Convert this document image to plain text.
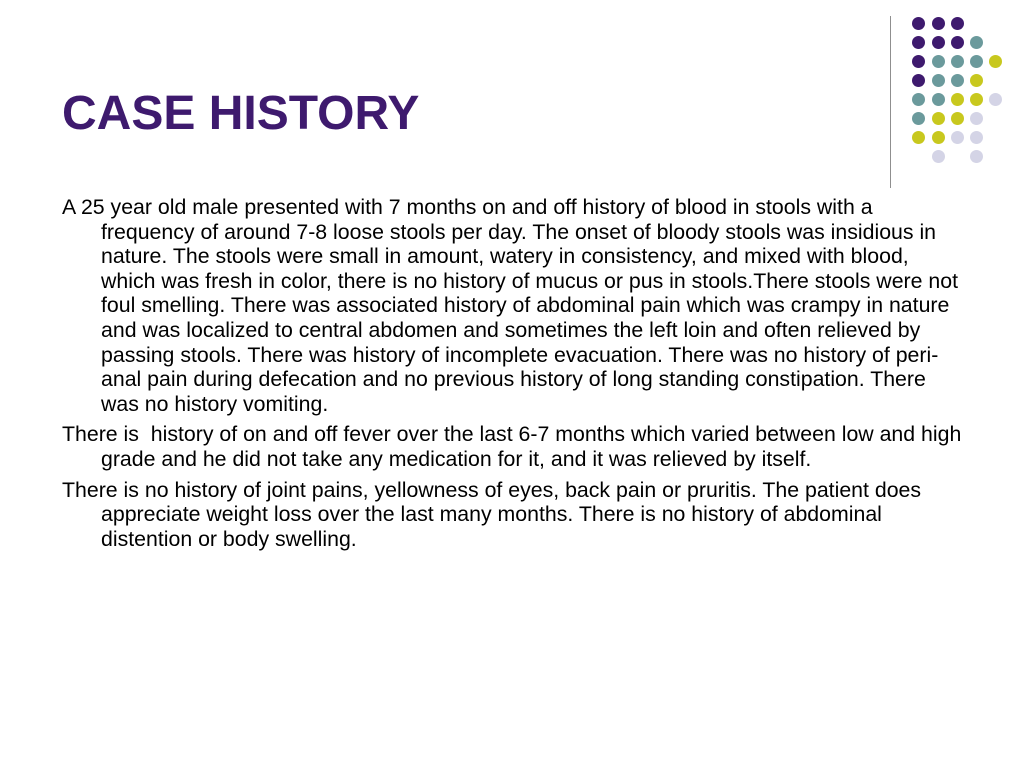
CASE HISTORY
A 25 year old male presented with 7 months on and off history of blood in stools with a frequency of around 7-8 loose stools per day. The onset of bloody stools was insidious in nature. The stools were small in amount, watery in consistency, and mixed with blood, which was fresh in color, there is no history of mucus or pus in stools.There stools were not foul smelling. There was associated history of abdominal pain which was crampy in nature and was localized to central abdomen and sometimes the left loin and often relieved by passing stools. There was history of incomplete evacuation. There was no history of peri-anal pain during defecation and no previous history of long standing constipation. There was no history vomiting.
There is  history of on and off fever over the last 6-7 months which varied between low and high grade and he did not take any medication for it, and it was relieved by itself.
There is no history of joint pains, yellowness of eyes, back pain or pruritis. The patient does appreciate weight loss over the last many months. There is no history of abdominal distention or body swelling.
